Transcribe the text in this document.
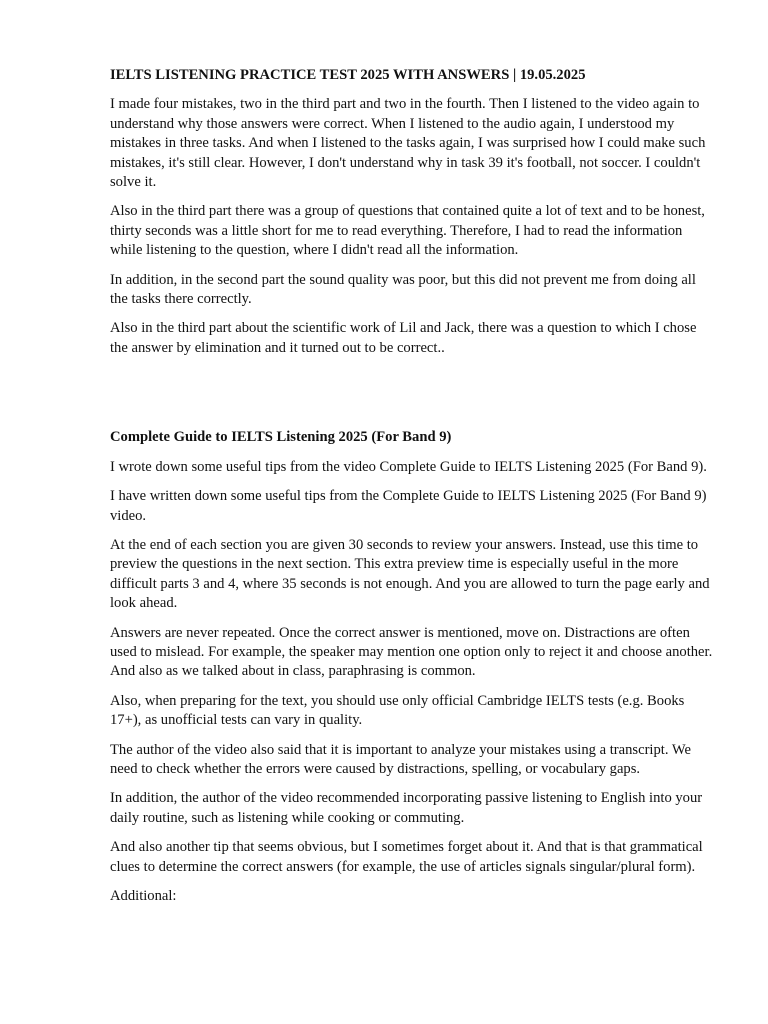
IELTS LISTENING PRACTICE TEST 2025 WITH ANSWERS | 19.05.2025

I made four mistakes, two in the third part and two in the fourth. Then I listened to the video again to understand why those answers were correct. When I listened to the audio again, I understood my mistakes in three tasks. And when I listened to the tasks again, I was surprised how I could make such mistakes, it's still clear. However, I don't understand why in task 39 it's football, not soccer. I couldn't solve it.

Also in the third part there was a group of questions that contained quite a lot of text and to be honest, thirty seconds was a little short for me to read everything. Therefore, I had to read the information while listening to the question, where I didn't read all the information.

In addition, in the second part the sound quality was poor, but this did not prevent me from doing all the tasks there correctly.

Also in the third part about the scientific work of Lil and Jack, there was a question to which I chose the answer by elimination and it turned out to be correct..

Complete Guide to IELTS Listening 2025 (For Band 9)

I wrote down some useful tips from the video Complete Guide to IELTS Listening 2025 (For Band 9).

I have written down some useful tips from the Complete Guide to IELTS Listening 2025 (For Band 9) video.

At the end of each section you are given 30 seconds to review your answers. Instead, use this time to preview the questions in the next section. This extra preview time is especially useful in the more difficult parts 3 and 4, where 35 seconds is not enough. And you are allowed to turn the page early and look ahead.

Answers are never repeated. Once the correct answer is mentioned, move on. Distractions are often used to mislead. For example, the speaker may mention one option only to reject it and choose another. And also as we talked about in class, paraphrasing is common.

Also, when preparing for the text, you should use only official Cambridge IELTS tests (e.g. Books 17+), as unofficial tests can vary in quality.

The author of the video also said that it is important to analyze your mistakes using a transcript. We need to check whether the errors were caused by distractions, spelling, or vocabulary gaps.

In addition, the author of the video recommended incorporating passive listening to English into your daily routine, such as listening while cooking or commuting.

And also another tip that seems obvious, but I sometimes forget about it. And that is that grammatical clues to determine the correct answers (for example, the use of articles signals singular/plural form).

Additional:
